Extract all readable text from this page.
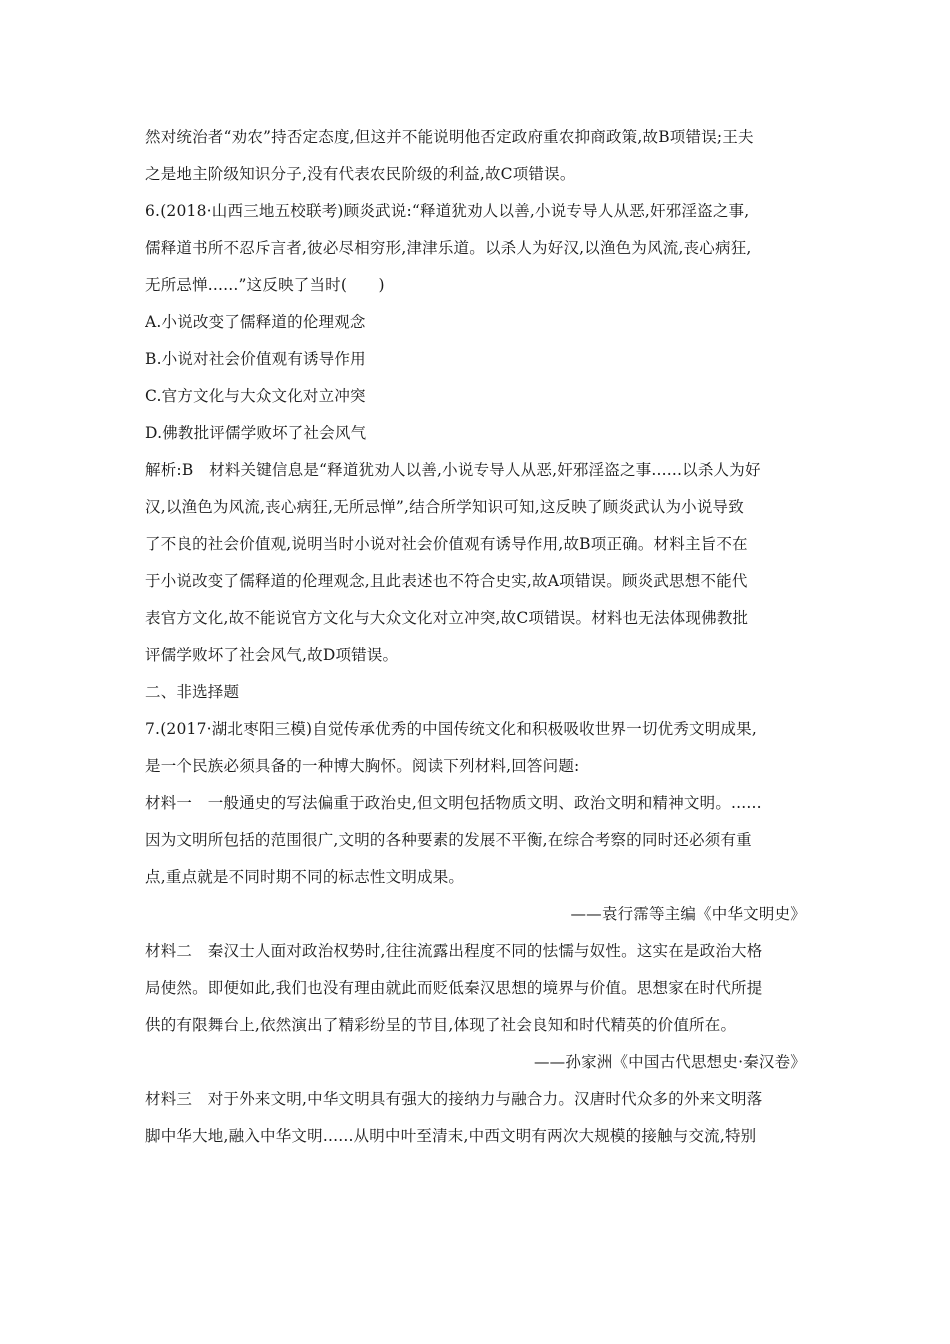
然对统治者“劝农”持否定态度,但这并不能说明他否定政府重农抑商政策,故B项错误;王夫
之是地主阶级知识分子,没有代表农民阶级的利益,故C项错误。
6.(2018·山西三地五校联考)顾炎武说:“释道犹劝人以善,小说专导人从恶,奸邪淫盗之事,
儒释道书所不忍斥言者,彼必尽相穷形,津津乐道。以杀人为好汉,以渔色为风流,丧心病狂,
无所忌惮......”这反映了当时(　　)
A.小说改变了儒释道的伦理观念
B.小说对社会价值观有诱导作用
C.官方文化与大众文化对立冲突
D.佛教批评儒学败坏了社会风气
解析:B　材料关键信息是“释道犹劝人以善,小说专导人从恶,奸邪淫盗之事......以杀人为好
汉,以渔色为风流,丧心病狂,无所忌惮”,结合所学知识可知,这反映了顾炎武认为小说导致
了不良的社会价值观,说明当时小说对社会价值观有诱导作用,故B项正确。材料主旨不在
于小说改变了儒释道的伦理观念,且此表述也不符合史实,故A项错误。顾炎武思想不能代
表官方文化,故不能说官方文化与大众文化对立冲突,故C项错误。材料也无法体现佛教批
评儒学败坏了社会风气,故D项错误。
二、非选择题
7.(2017·湖北枣阳三模)自觉传承优秀的中国传统文化和积极吸收世界一切优秀文明成果,
是一个民族必须具备的一种博大胸怀。阅读下列材料,回答问题:
材料一　一般通史的写法偏重于政治史,但文明包括物质文明、政治文明和精神文明。......
因为文明所包括的范围很广,文明的各种要素的发展不平衡,在综合考察的同时还必须有重
点,重点就是不同时期不同的标志性文明成果。
——袁行霈等主编《中华文明史》
材料二　秦汉士人面对政治权势时,往往流露出程度不同的怯懦与奴性。这实在是政治大格
局使然。即便如此,我们也没有理由就此而贬低秦汉思想的境界与价值。思想家在时代所提
供的有限舞台上,依然演出了精彩纷呈的节目,体现了社会良知和时代精英的价值所在。
——孙家洲《中国古代思想史·秦汉卷》
材料三　对于外来文明,中华文明具有强大的接纳力与融合力。汉唐时代众多的外来文明落
脚中华大地,融入中华文明......从明中叶至清末,中西文明有两次大规模的接触与交流,特别
